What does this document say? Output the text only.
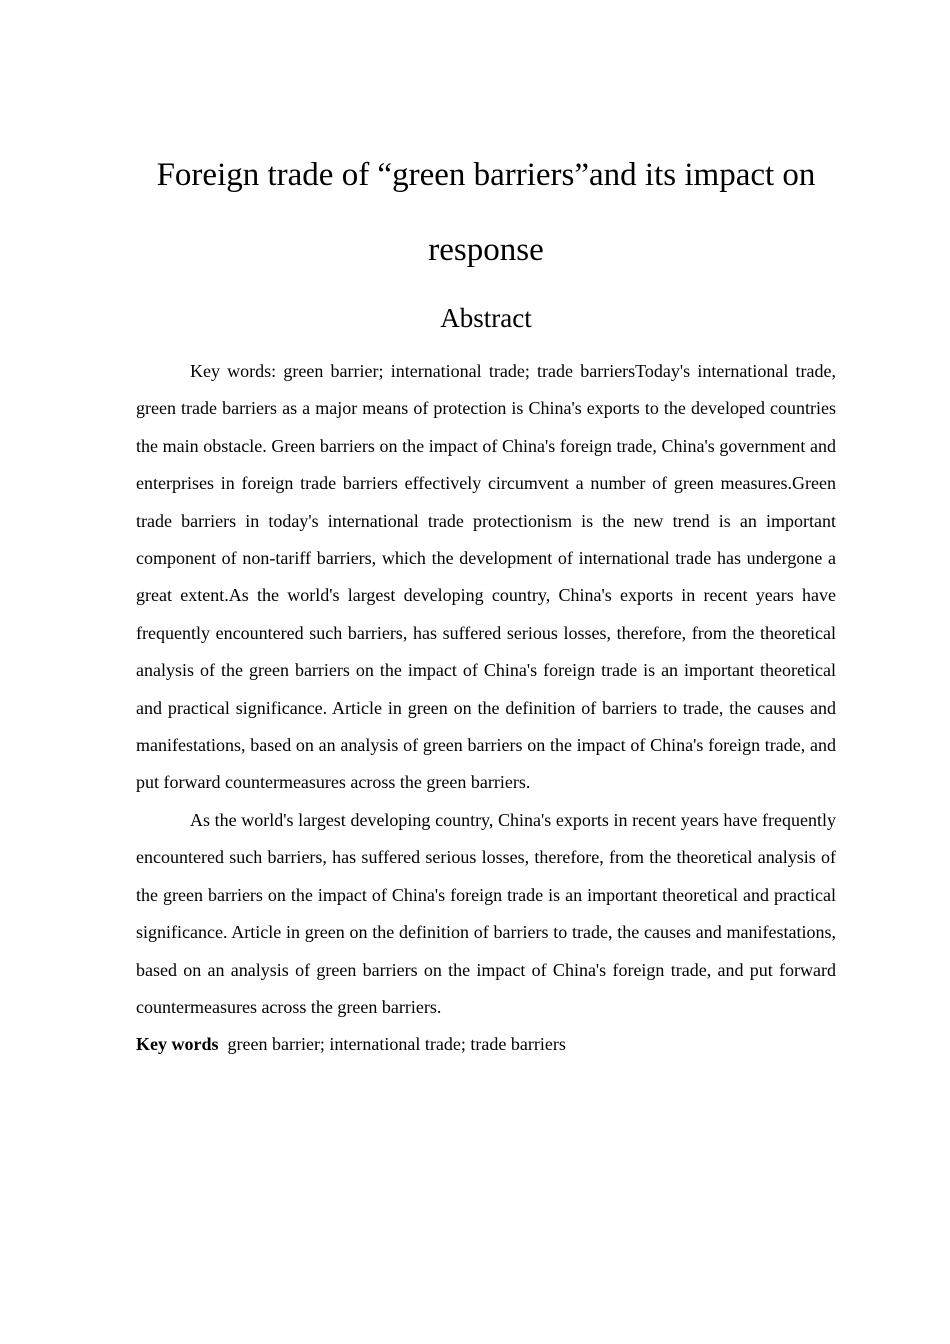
Foreign trade of “green barriers”and its impact on response
Abstract

Key words: green barrier; international trade; trade barriersToday's international trade, green trade barriers as a major means of protection is China's exports to the developed countries the main obstacle. Green barriers on the impact of China's foreign trade, China's government and enterprises in foreign trade barriers effectively circumvent a number of green measures.Green trade barriers in today's international trade protectionism is the new trend is an important component of non-tariff barriers, which the development of international trade has undergone a great extent.As the world's largest developing country, China's exports in recent years have frequently encountered such barriers, has suffered serious losses, therefore, from the theoretical analysis of the green barriers on the impact of China's foreign trade is an important theoretical and practical significance. Article in green on the definition of barriers to trade, the causes and manifestations, based on an analysis of green barriers on the impact of China's foreign trade, and put forward countermeasures across the green barriers.

As the world's largest developing country, China's exports in recent years have frequently encountered such barriers, has suffered serious losses, therefore, from the theoretical analysis of the green barriers on the impact of China's foreign trade is an important theoretical and practical significance. Article in green on the definition of barriers to trade, the causes and manifestations, based on an analysis of green barriers on the impact of China's foreign trade, and put forward countermeasures across the green barriers.

Key words green barrier; international trade; trade barriers
